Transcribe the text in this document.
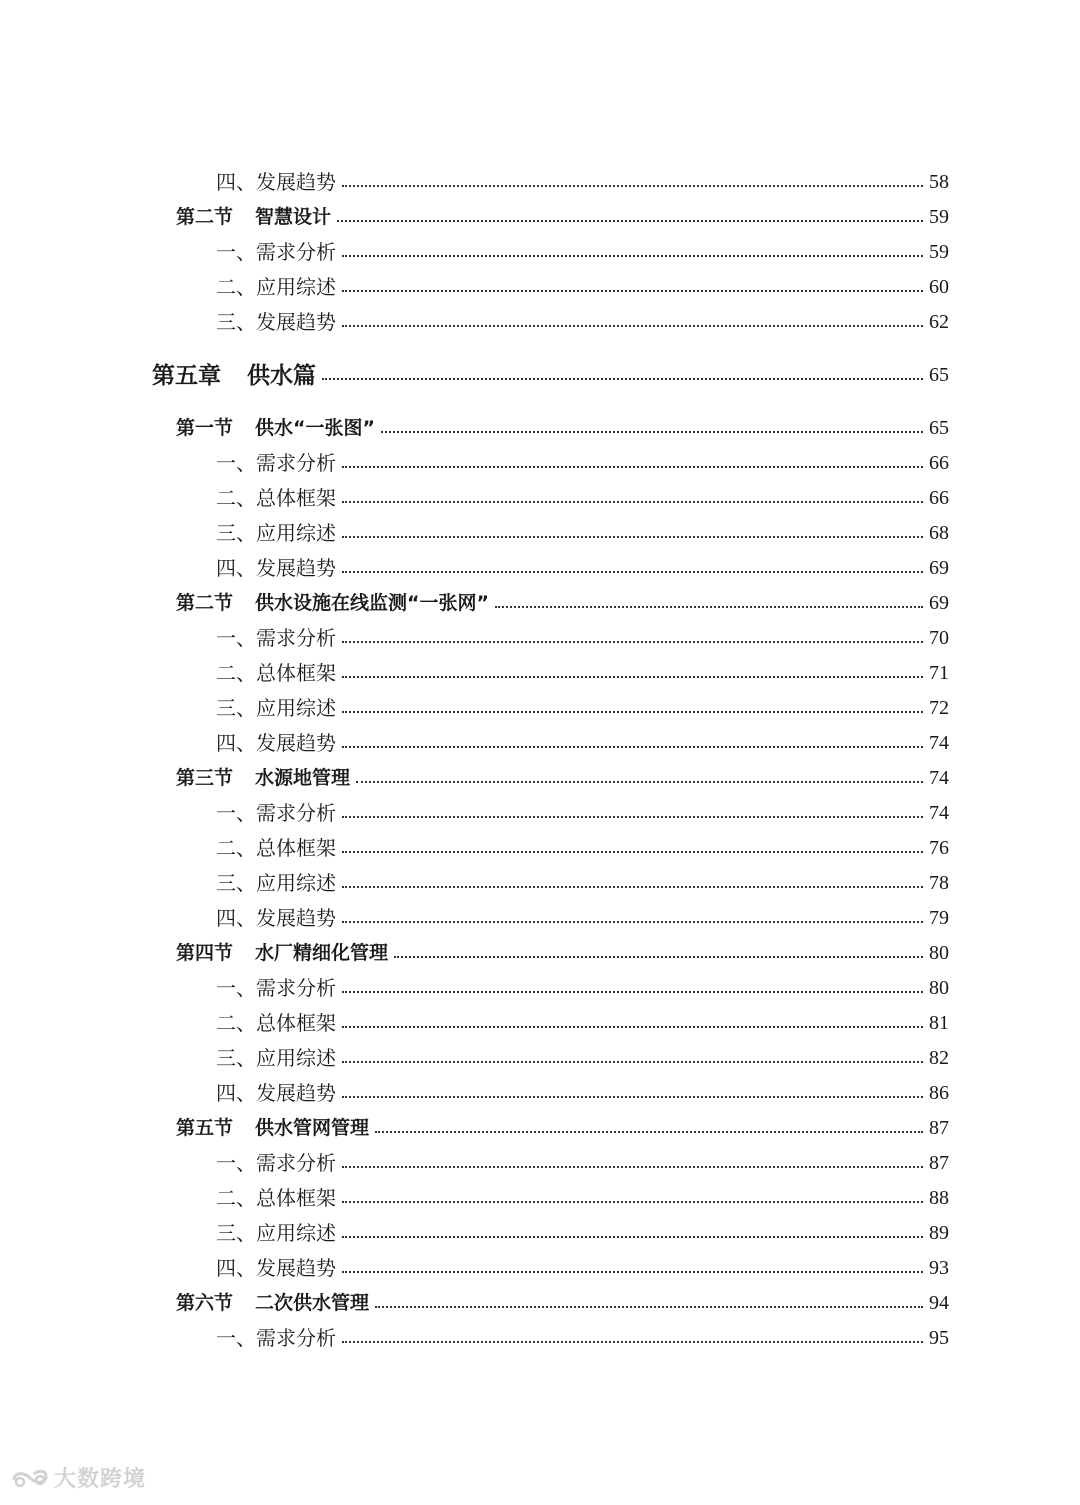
四、 发展趋势	58
第二节 智慧设计	59
一、 需求分析	59
二、 应用综述	60
三、 发展趋势	62
第五章 供水篇	65
第一节 供水“一张图”	65
一、 需求分析	66
二、 总体框架	66
三、 应用综述	68
四、 发展趋势	69
第二节 供水设施在线监测“一张网”	69
一、 需求分析	70
二、 总体框架	71
三、 应用综述	72
四、 发展趋势	74
第三节 水源地管理	74
一、 需求分析	74
二、 总体框架	76
三、 应用综述	78
四、 发展趋势	79
第四节 水厂精细化管理	80
一、 需求分析	80
二、 总体框架	81
三、 应用综述	82
四、 发展趋势	86
第五节 供水管网管理	87
一、 需求分析	87
二、 总体框架	88
三、 应用综述	89
四、 发展趋势	93
第六节 二次供水管理	94
一、 需求分析	95
大数跨境
